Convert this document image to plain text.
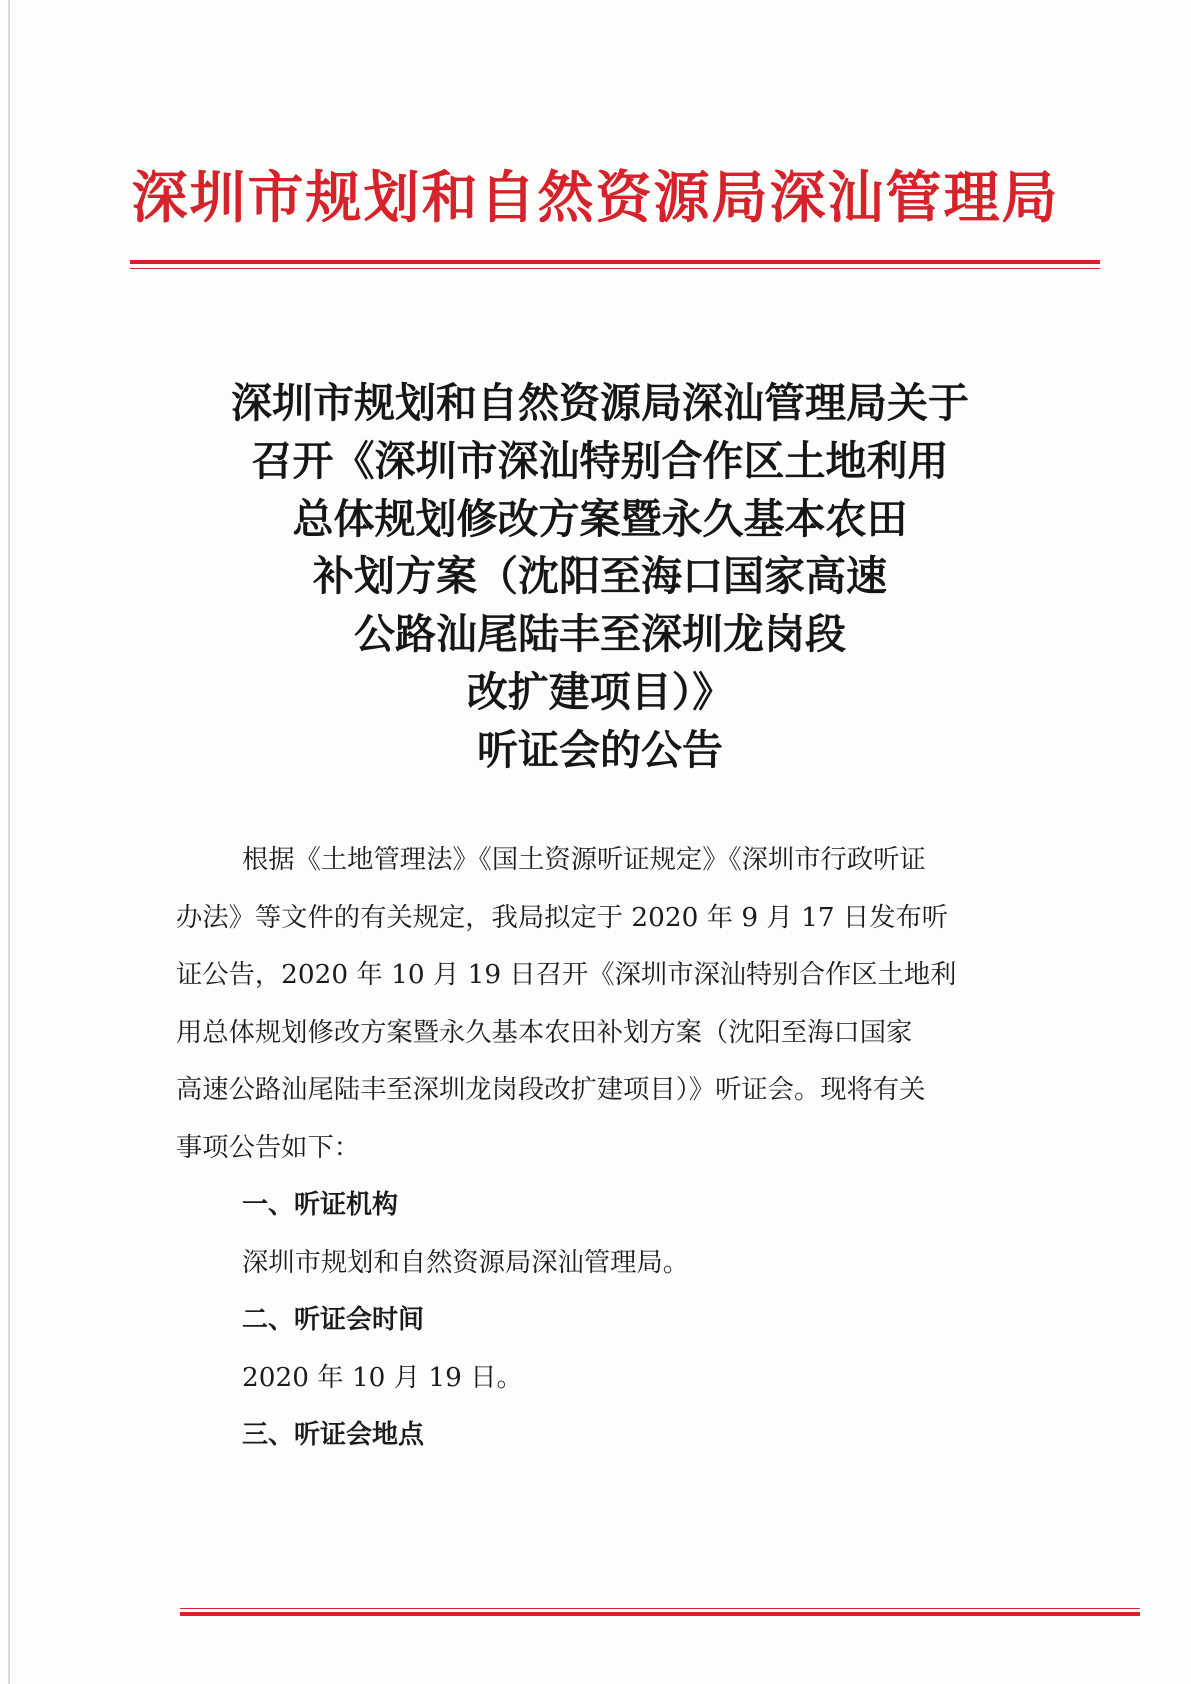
深圳市规划和自然资源局深汕管理局
深圳市规划和自然资源局深汕管理局关于
召开《深圳市深汕特别合作区土地利用
总体规划修改方案暨永久基本农田
补划方案（沈阳至海口国家高速
公路汕尾陆丰至深圳龙岗段
改扩建项目）》
听证会的公告
根据《土地管理法》《国土资源听证规定》《深圳市行政听证
办法》等文件的有关规定，我局拟定于 2020 年 9 月 17 日发布听
证公告，2020 年 10 月 19 日召开《深圳市深汕特别合作区土地利
用总体规划修改方案暨永久基本农田补划方案（沈阳至海口国家
高速公路汕尾陆丰至深圳龙岗段改扩建项目）》听证会。现将有关
事项公告如下：
一、听证机构
深圳市规划和自然资源局深汕管理局。
二、听证会时间
2020 年 10 月 19 日。
三、听证会地点
